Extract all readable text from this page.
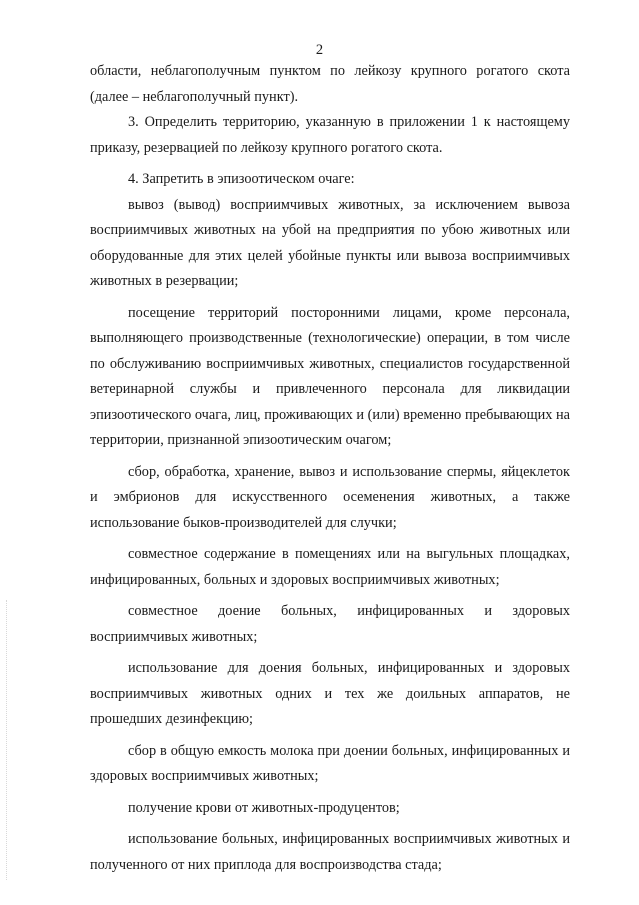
2

области, неблагополучным пунктом по лейкозу крупного рогатого скота (далее – неблагополучный пункт).

3. Определить территорию, указанную в приложении 1 к настоящему приказу, резервацией по лейкозу крупного рогатого скота.

4. Запретить в эпизоотическом очаге:

вывоз (вывод) восприимчивых животных, за исключением вывоза восприимчивых животных на убой на предприятия по убою животных или оборудованные для этих целей убойные пункты или вывоза восприимчивых животных в резервации;

посещение территорий посторонними лицами, кроме персонала, выполняющего производственные (технологические) операции, в том числе по обслуживанию восприимчивых животных, специалистов государственной ветеринарной службы и привлеченного персонала для ликвидации эпизоотического очага, лиц, проживающих и (или) временно пребывающих на территории, признанной эпизоотическим очагом;

сбор, обработка, хранение, вывоз и использование спермы, яйцеклеток и эмбрионов для искусственного осеменения животных, а также использование быков-производителей для случки;

совместное содержание в помещениях или на выгульных площадках, инфицированных, больных и здоровых восприимчивых животных;

совместное доение больных, инфицированных и здоровых восприимчивых животных;

использование для доения больных, инфицированных и здоровых восприимчивых животных одних и тех же доильных аппаратов, не прошедших дезинфекцию;

сбор в общую емкость молока при доении больных, инфицированных и здоровых восприимчивых животных;

получение крови от животных-продуцентов;

использование больных, инфицированных восприимчивых животных и полученного от них приплода для воспроизводства стада;
